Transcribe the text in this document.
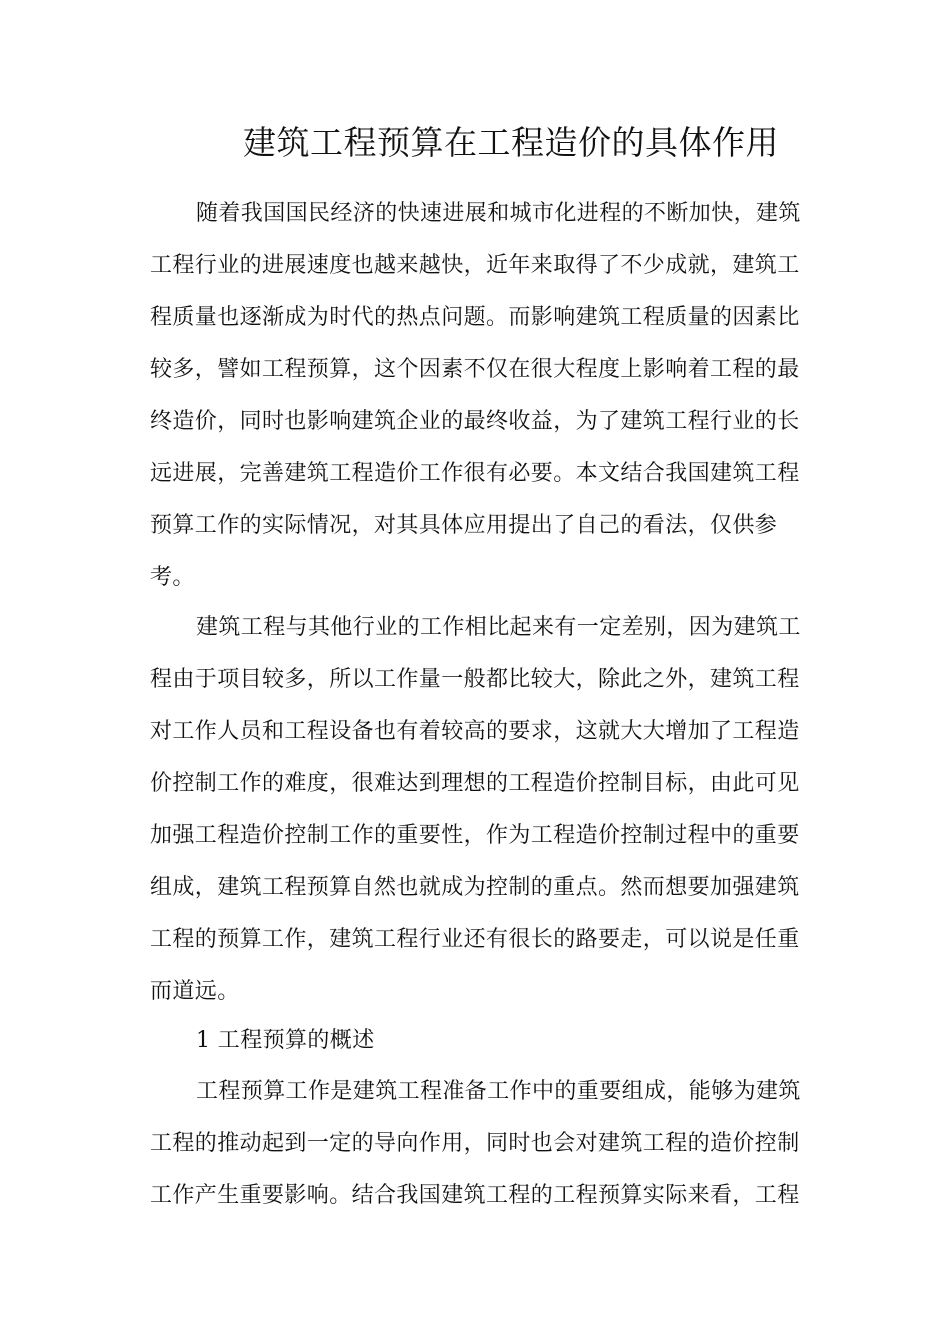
建筑工程预算在工程造价的具体作用
随着我国国民经济的快速进展和城市化进程的不断加快，建筑
工程行业的进展速度也越来越快，近年来取得了不少成就，建筑工
程质量也逐渐成为时代的热点问题。而影响建筑工程质量的因素比
较多，譬如工程预算，这个因素不仅在很大程度上影响着工程的最
终造价，同时也影响建筑企业的最终收益，为了建筑工程行业的长
远进展，完善建筑工程造价工作很有必要。本文结合我国建筑工程
预算工作的实际情况，对其具体应用提出了自己的看法，仅供参
考。
建筑工程与其他行业的工作相比起来有一定差别，因为建筑工
程由于项目较多，所以工作量一般都比较大，除此之外，建筑工程
对工作人员和工程设备也有着较高的要求，这就大大增加了工程造
价控制工作的难度，很难达到理想的工程造价控制目标，由此可见
加强工程造价控制工作的重要性，作为工程造价控制过程中的重要
组成，建筑工程预算自然也就成为控制的重点。然而想要加强建筑
工程的预算工作，建筑工程行业还有很长的路要走，可以说是任重
而道远。
1 工程预算的概述
工程预算工作是建筑工程准备工作中的重要组成，能够为建筑
工程的推动起到一定的导向作用，同时也会对建筑工程的造价控制
工作产生重要影响。结合我国建筑工程的工程预算实际来看，工程
